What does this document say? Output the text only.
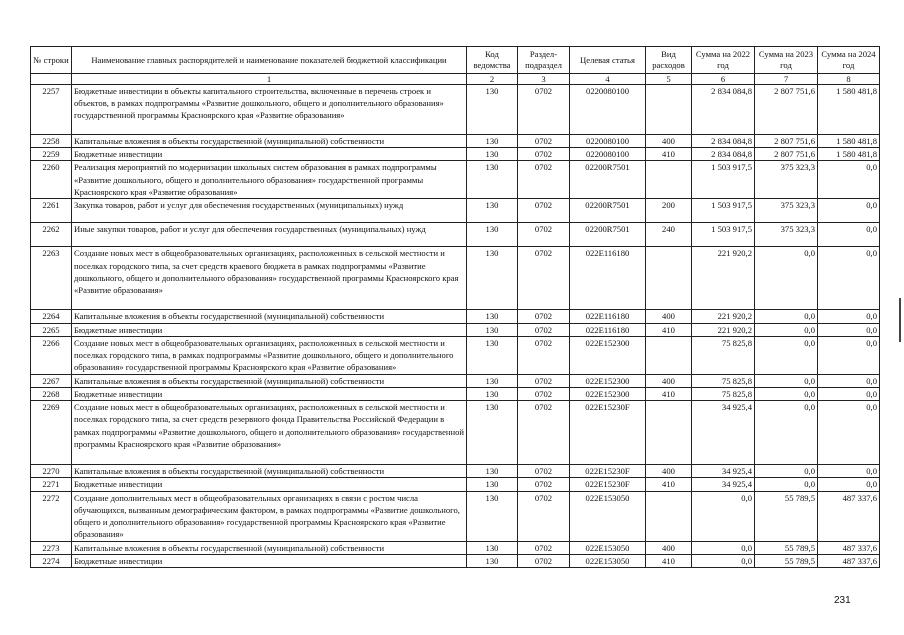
№ строки	Наименование главных распорядителей и наименование показателей бюджетной классификации	Код ведомства	Раздел-подраздел	Целевая статья	Вид расходов	Сумма на 2022 год	Сумма на 2023 год	Сумма на 2024 год
	1	2	3	4	5	6	7	8
2257	Бюджетные инвестиции в объекты капитального строительства, включенные в перечень строек и объектов, в рамках подпрограммы «Развитие дошкольного, общего и дополнительного образования» государственной программы Красноярского края «Развитие образования»	130	0702	0220080100		2 834 084,8	2 807 751,6	1 580 481,8
2258	Капитальные вложения в объекты государственной (муниципальной) собственности	130	0702	0220080100	400	2 834 084,8	2 807 751,6	1 580 481,8
2259	Бюджетные инвестиции	130	0702	0220080100	410	2 834 084,8	2 807 751,6	1 580 481,8
2260	Реализация мероприятий по модернизации школьных систем образования в рамках подпрограммы «Развитие дошкольного, общего и дополнительного образования» государственной программы Красноярского края «Развитие образования»	130	0702	02200R7501		1 503 917,5	375 323,3	0,0
2261	Закупка товаров, работ и услуг для обеспечения государственных (муниципальных) нужд	130	0702	02200R7501	200	1 503 917,5	375 323,3	0,0
2262	Иные закупки товаров, работ и услуг для обеспечения государственных (муниципальных) нужд	130	0702	02200R7501	240	1 503 917,5	375 323,3	0,0
2263	Создание новых мест в общеобразовательных организациях, расположенных в сельской местности и поселках городского типа, за счет средств краевого бюджета в рамках подпрограммы «Развитие дошкольного, общего и дополнительного образования» государственной программы Красноярского края «Развитие образования»	130	0702	022E116180		221 920,2	0,0	0,0
2264	Капитальные вложения в объекты государственной (муниципальной) собственности	130	0702	022E116180	400	221 920,2	0,0	0,0
2265	Бюджетные инвестиции	130	0702	022E116180	410	221 920,2	0,0	0,0
2266	Создание новых мест в общеобразовательных организациях, расположенных в сельской местности и поселках городского типа, в рамках подпрограммы «Развитие дошкольного, общего и дополнительного образования» государственной программы Красноярского края «Развитие образования»	130	0702	022E152300		75 825,8	0,0	0,0
2267	Капитальные вложения в объекты государственной (муниципальной) собственности	130	0702	022E152300	400	75 825,8	0,0	0,0
2268	Бюджетные инвестиции	130	0702	022E152300	410	75 825,8	0,0	0,0
2269	Создание новых мест в общеобразовательных организациях, расположенных в сельской местности и поселках городского типа, за счет средств резервного фонда Правительства Российской Федерации в рамках подпрограммы «Развитие дошкольного, общего и дополнительного образования» государственной программы Красноярского края «Развитие образования»	130	0702	022E15230F		34 925,4	0,0	0,0
2270	Капитальные вложения в объекты государственной (муниципальной) собственности	130	0702	022E15230F	400	34 925,4	0,0	0,0
2271	Бюджетные инвестиции	130	0702	022E15230F	410	34 925,4	0,0	0,0
2272	Создание дополнительных мест в общеобразовательных организациях в связи с ростом числа обучающихся, вызванным демографическим фактором, в рамках подпрограммы «Развитие дошкольного, общего и дополнительного образования» государственной программы Красноярского края «Развитие образования»	130	0702	022E153050		0,0	55 789,5	487 337,6
2273	Капитальные вложения в объекты государственной (муниципальной) собственности	130	0702	022E153050	400	0,0	55 789,5	487 337,6
2274	Бюджетные инвестиции	130	0702	022E153050	410	0,0	55 789,5	487 337,6
231
